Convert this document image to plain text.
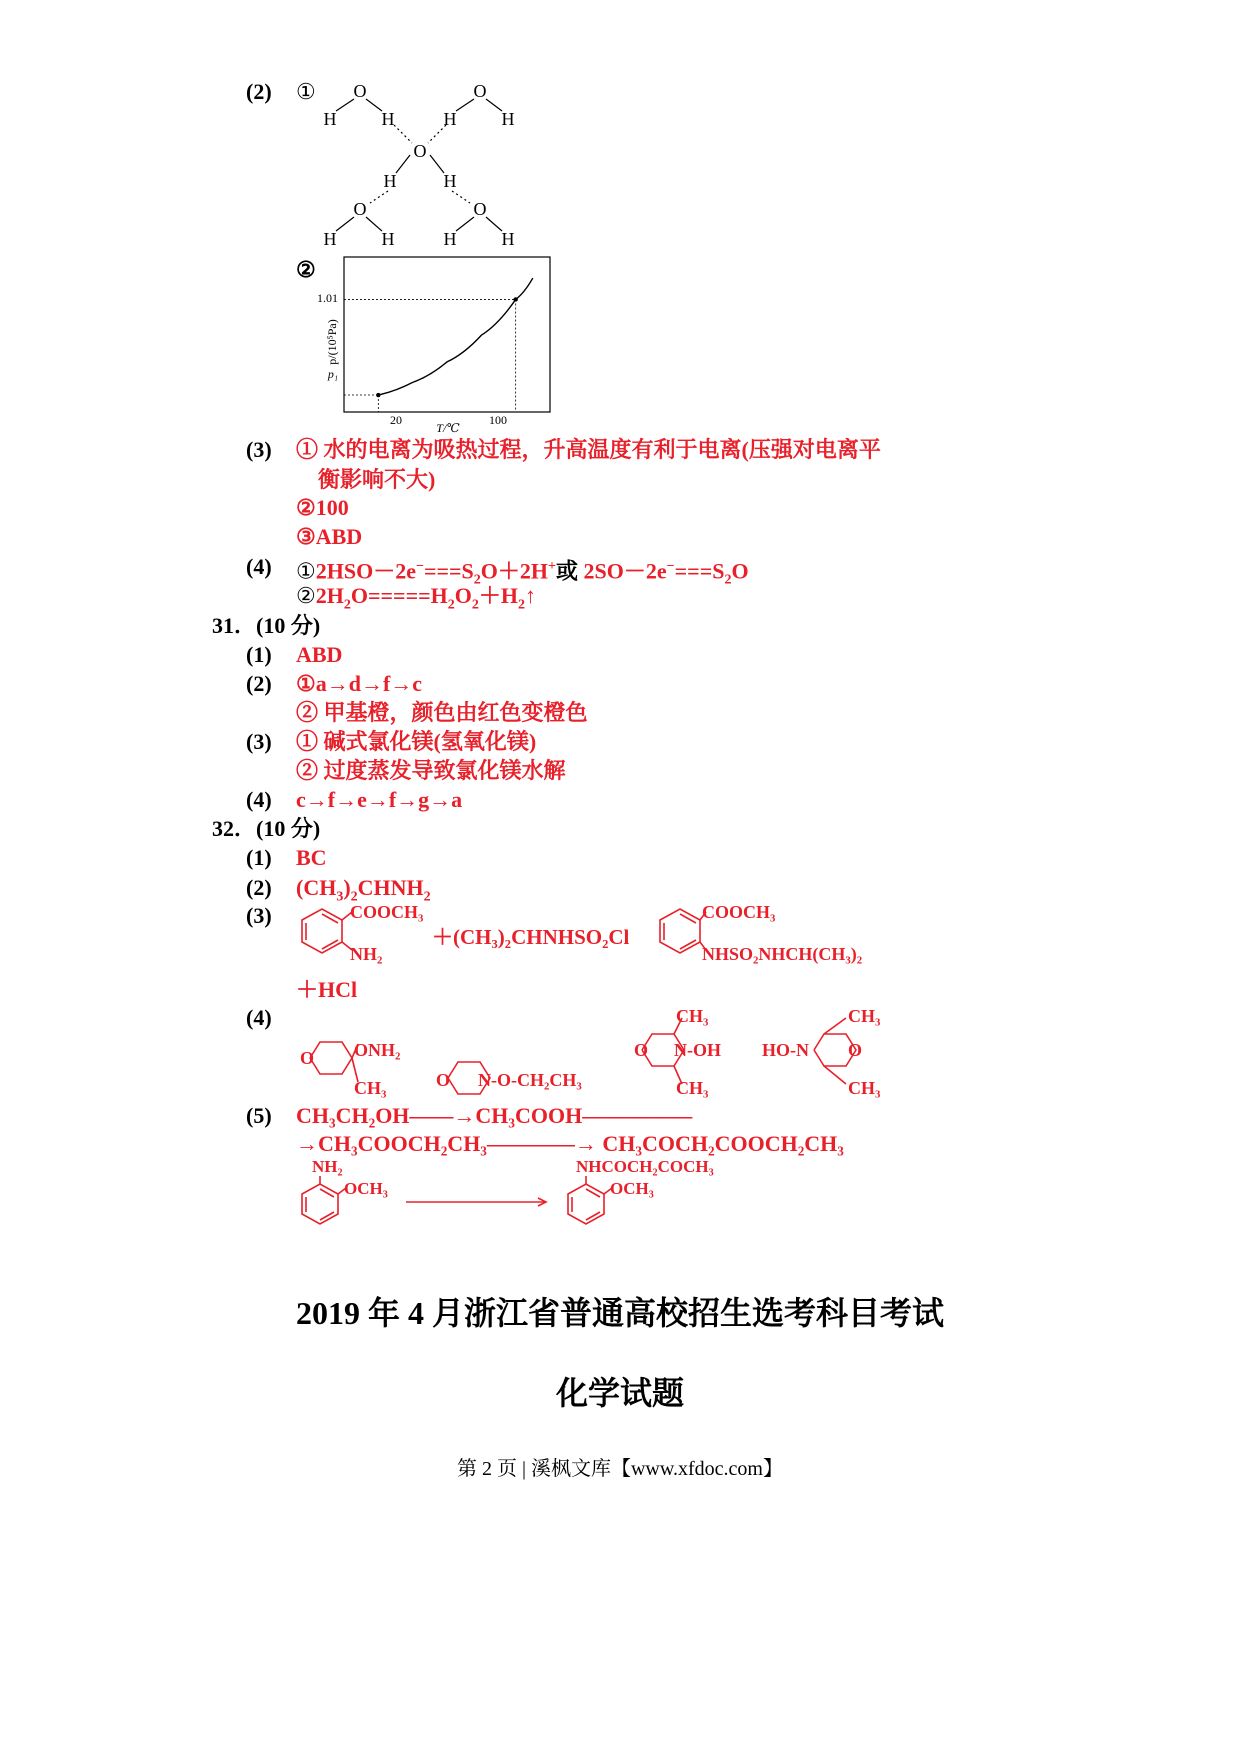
(2) ① O
H	H
O
H	H
O
H	H
O
H	H
O
H	H
②
1.01
p₁
20	100
T/℃
p/(10⁵Pa)
(3) ① 水的电离为吸热过程，升高温度有利于电离(压强对电离平
衡影响不大)
②100
③ABD
(4) $①2HSO-2e^-===S_2O+2H^+$或 $2SO-2e^-===S_2O$
$②2H_2O=====H_2O_2+H_2↑$
31．(10 分)
(1) ABD
(2) ①a→d→f→c
② 甲基橙，颜色由红色变橙色
(3) ① 碱式氯化镁(氢氧化镁)
② 过度蒸发导致氯化镁水解
(4) c→f→e→f→g→a
32．(10 分)
(1) BC
(2) $(CH_3)_2CHNH_2$
(3)	COOCH₃
NH₂
＋(CH₃)₂CHNHSO₂Cl
COOCH₃
NHSO₂NHCH(CH₃)₂
＋HCl
(4)
O ONH₂
CH₃	O N-O-CH₂CH₃
O N-OH
CH₃
CH₃
HO-N O
CH₃
CH₃
(5) CH₃CH₂OH——→CH₃COOH—————
→CH₃COOCH₂CH₃————→ CH₃COCH₂COOCH₂CH₃
NH₂
OCH₃
NHCOCH₂COCH₃
OCH₃
2019 年 4 月浙江省普通高校招生选考科目考试
化学试题
第 2 页 | 溪枫文库【www.xfdoc.com】
